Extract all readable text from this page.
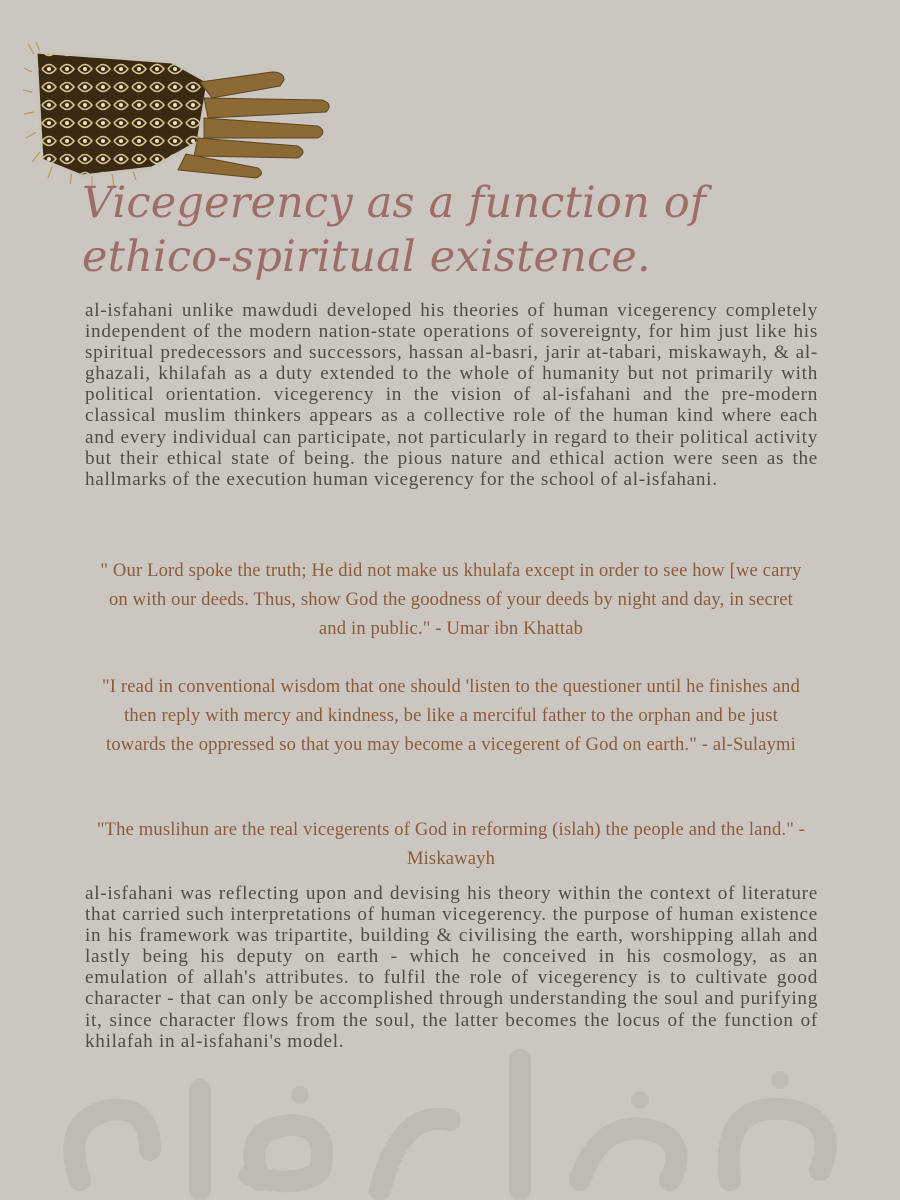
Vicegerency as a function of ethico-spiritual existence.

al-isfahani unlike mawdudi developed his theories of human vicegerency completely independent of the modern nation-state operations of sovereignty, for him just like his spiritual predecessors and successors, hassan al-basri, jarir at-tabari, miskawayh, & al-ghazali, khilafah as a duty extended to the whole of humanity but not primarily with political orientation. vicegerency in the vision of al-isfahani and the pre-modern classical muslim thinkers appears as a collective role of the human kind where each and every individual can participate, not particularly in regard to their political activity but their ethical state of being. the pious nature and ethical action were seen as the hallmarks of the execution human vicegerency for the school of al-isfahani.

" Our Lord spoke the truth; He did not make us khulafa except in order to see how [we carry on with our deeds. Thus, show God the goodness of your deeds by night and day, in secret and in public." - Umar ibn Khattab

"I read in conventional wisdom that one should 'listen to the questioner until he finishes and then reply with mercy and kindness, be like a merciful father to the orphan and be just towards the oppressed so that you may become a vicegerent of God on earth." - al-Sulaymi

"The muslihun are the real vicegerents of God in reforming (islah) the people and the land." - Miskawayh

al-isfahani was reflecting upon and devising his theory within the context of literature that carried such interpretations of human vicegerency. the purpose of human existence in his framework was tripartite, building & civilising the earth, worshipping allah and lastly being his deputy on earth - which he conceived in his cosmology, as an emulation of allah's attributes. to fulfil the role of vicegerency is to cultivate good character - that can only be accomplished through understanding the soul and purifying it, since character flows from the soul, the latter becomes the locus of the function of khilafah in al-isfahani's model.
